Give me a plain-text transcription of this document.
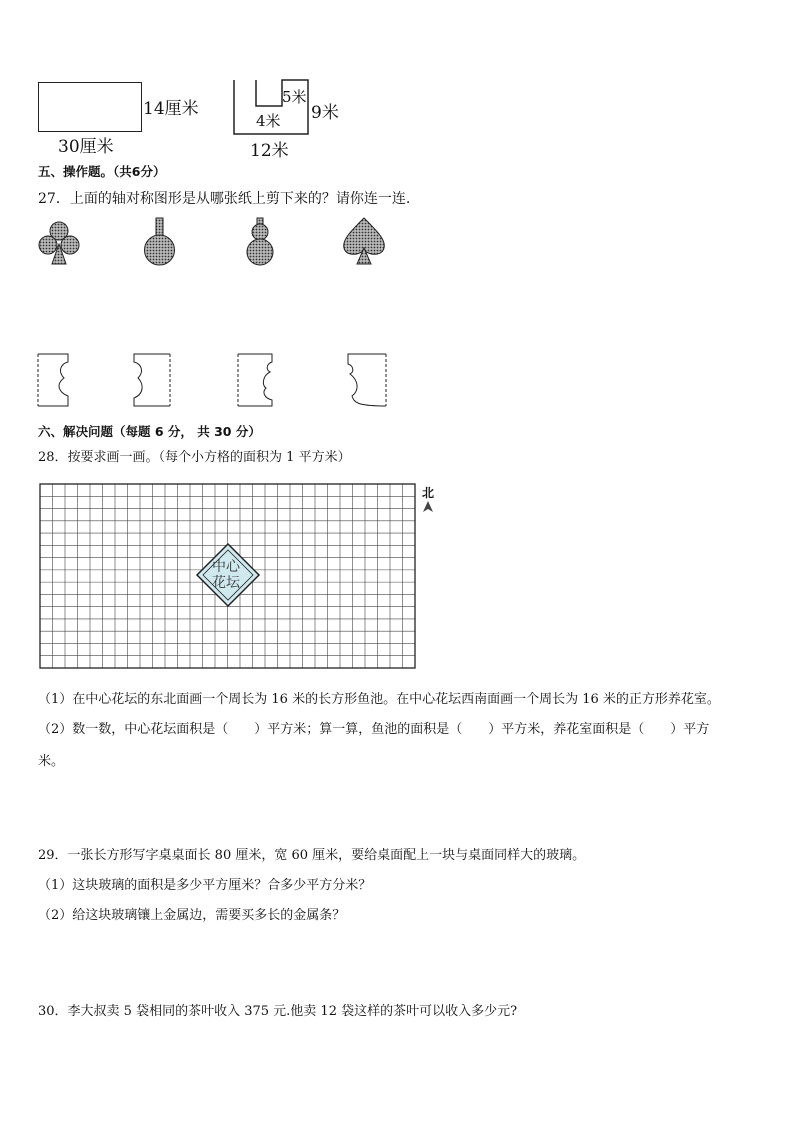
14厘米
30厘米
5米
4米 9米
12米
五、操作题。（共6分）
27．上面的轴对称图形是从哪张纸上剪下来的？请你连一连.
六、解决问题（每题 6 分， 共 30 分）
28．按要求画一画。（每个小方格的面积为 1 平方米）
中心
花坛
北
（1）在中心花坛的东北面画一个周长为 16 米的长方形鱼池。在中心花坛西南面画一个周长为 16 米的正方形养花室。
（2）数一数，中心花坛面积是（　　）平方米；算一算，鱼池的面积是（　　）平方米，养花室面积是（　　）平方
米。
29．一张长方形写字桌桌面长 80 厘米，宽 60 厘米，要给桌面配上一块与桌面同样大的玻璃。
（1）这块玻璃的面积是多少平方厘米？合多少平方分米？
（2）给这块玻璃镶上金属边，需要买多长的金属条？
30．李大叔卖 5 袋相同的茶叶收入 375 元.他卖 12 袋这样的茶叶可以收入多少元?
